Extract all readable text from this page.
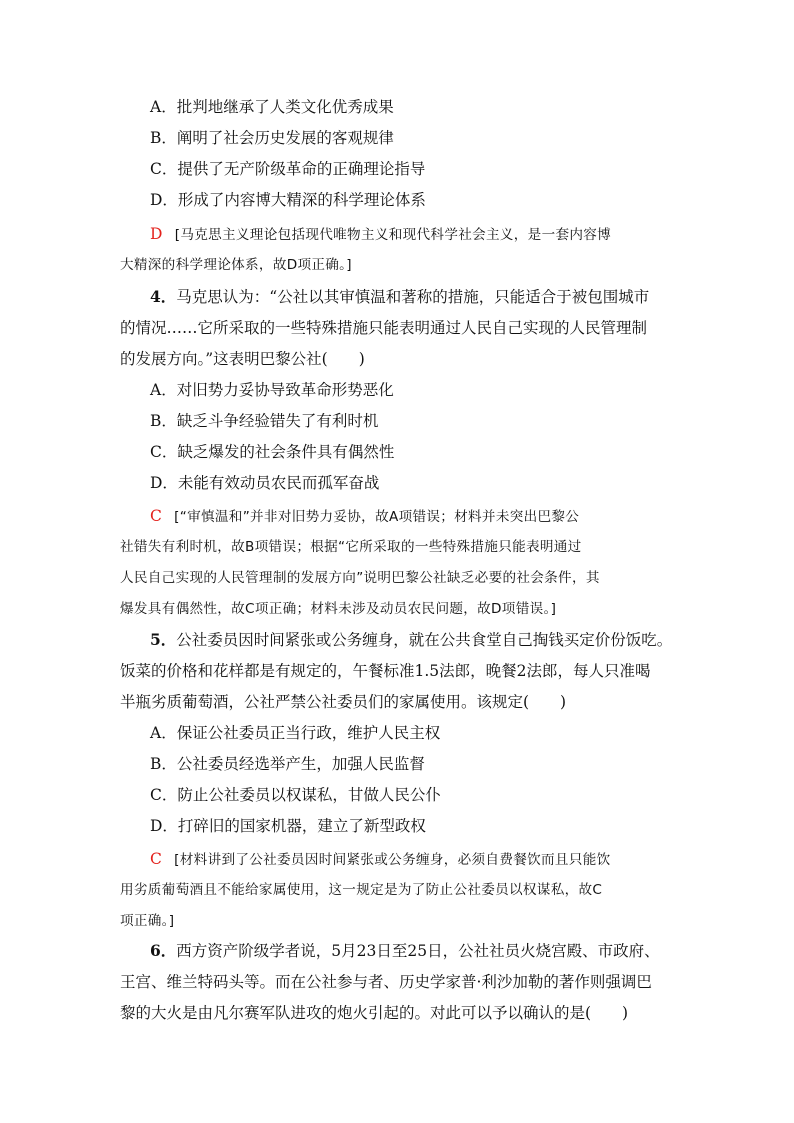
A．批判地继承了人类文化优秀成果
B．阐明了社会历史发展的客观规律
C．提供了无产阶级革命的正确理论指导
D．形成了内容博大精深的科学理论体系
D [马克思主义理论包括现代唯物主义和现代科学社会主义，是一套内容博
大精深的科学理论体系，故D项正确。]
4．马克思认为：“公社以其审慎温和著称的措施，只能适合于被包围城市
的情况……它所采取的一些特殊措施只能表明通过人民自己实现的人民管理制
的发展方向。”这表明巴黎公社(　　)
A．对旧势力妥协导致革命形势恶化
B．缺乏斗争经验错失了有利时机
C．缺乏爆发的社会条件具有偶然性
D．未能有效动员农民而孤军奋战
C [“审慎温和”并非对旧势力妥协，故A项错误；材料并未突出巴黎公
社错失有利时机，故B项错误；根据“它所采取的一些特殊措施只能表明通过
人民自己实现的人民管理制的发展方向”说明巴黎公社缺乏必要的社会条件，其
爆发具有偶然性，故C项正确；材料未涉及动员农民问题，故D项错误。]
5．公社委员因时间紧张或公务缠身，就在公共食堂自己掏钱买定价份饭吃。
饭菜的价格和花样都是有规定的，午餐标准1.5法郎，晚餐2法郎，每人只准喝
半瓶劣质葡萄酒，公社严禁公社委员们的家属使用。该规定(　　)
A．保证公社委员正当行政，维护人民主权
B．公社委员经选举产生，加强人民监督
C．防止公社委员以权谋私，甘做人民公仆
D．打碎旧的国家机器，建立了新型政权
C [材料讲到了公社委员因时间紧张或公务缠身，必须自费餐饮而且只能饮
用劣质葡萄酒且不能给家属使用，这一规定是为了防止公社委员以权谋私，故C
项正确。]
6．西方资产阶级学者说，5月23日至25日，公社社员火烧宫殿、市政府、
王宫、维兰特码头等。而在公社参与者、历史学家普·利沙加勒的著作则强调巴
黎的大火是由凡尔赛军队进攻的炮火引起的。对此可以予以确认的是(　　)
